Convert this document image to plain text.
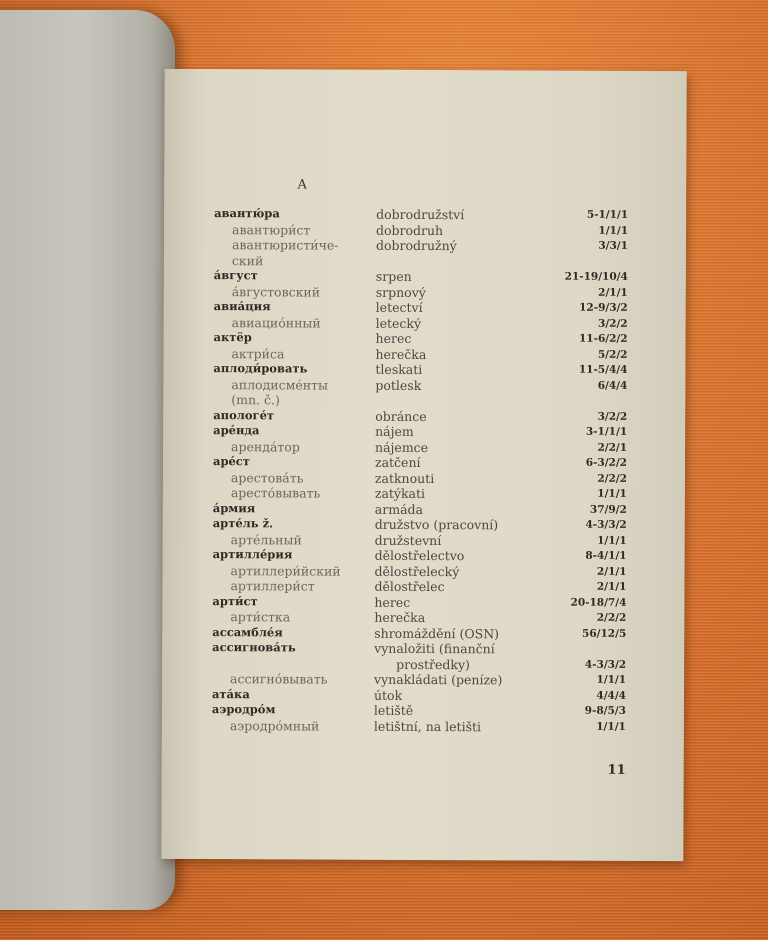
А
авантю́ра	dobrodružství	5-1/1/1
авантюри́ст	dobrodruh	1/1/1
авантюристи́че-	dobrodružný	3/3/1
ский
а́вгуст	srpen	21-19/10/4
а́вгустовский	srpnový	2/1/1
авиа́ция	letectví	12-9/3/2
авиацио́нный	letecký	3/2/2
актёр	herec	11-6/2/2
актри́са	herečka	5/2/2
аплоди́ровать	tleskati	11-5/4/4
аплодисме́нты	potlesk	6/4/4
(mn. č.)
апологе́т	obránce	3/2/2
аре́нда	nájem	3-1/1/1
аренда́тор	nájemce	2/2/1
аре́ст	zatčení	6-3/2/2
арестова́ть	zatknouti	2/2/2
аресто́вывать	zatýkati	1/1/1
а́рмия	armáda	37/9/2
арте́ль ž.	družstvo (pracovní)	4-3/3/2
арте́льный	družstevní	1/1/1
артилле́рия	dělostřelectvo	8-4/1/1
артиллери́йский	dělostřelecký	2/1/1
артиллери́ст	dělostřelec	2/1/1
арти́ст	herec	20-18/7/4
арти́стка	herečka	2/2/2
ассамбле́я	shromáždění (OSN)	56/12/5
ассигнова́ть	vynaložiti (finanční
prostředky)	4-3/3/2
ассигно́вывать	vynakládati (peníze)	1/1/1
ата́ка	útok	4/4/4
аэродро́м	letiště	9-8/5/3
аэродро́мный	letištní, na letišti	1/1/1
11
